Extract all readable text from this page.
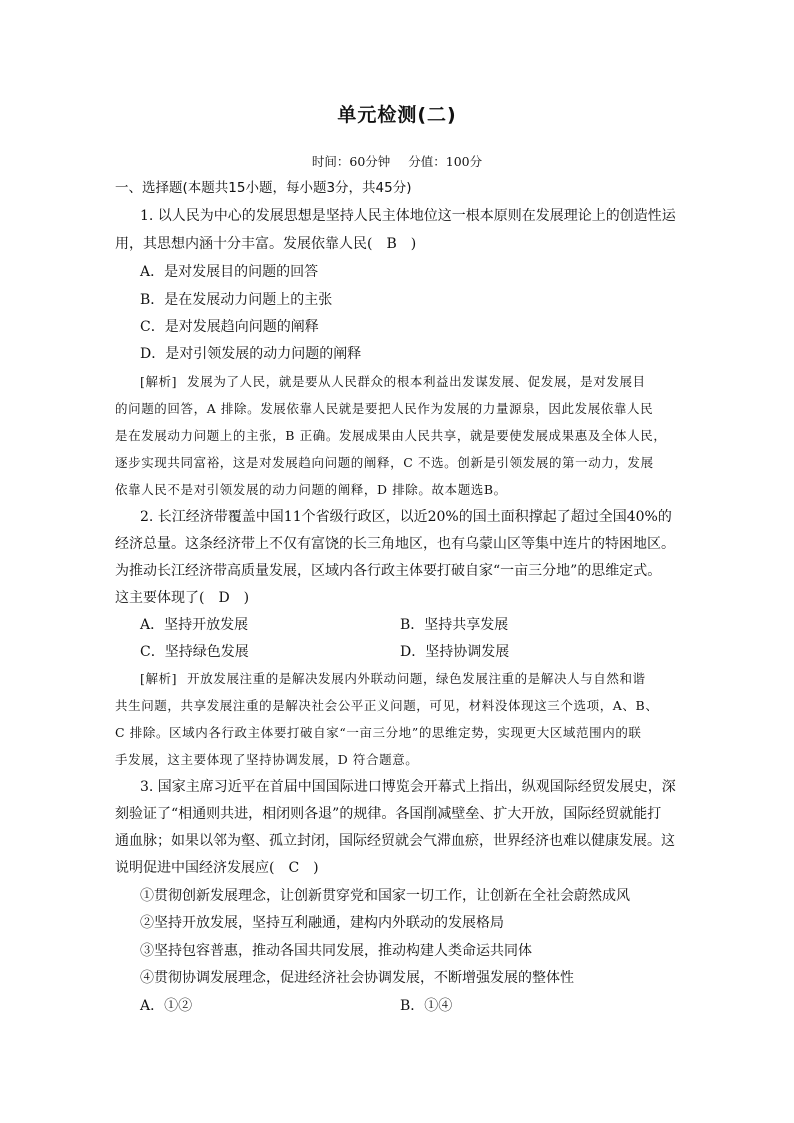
单元检测(二)
时间：60分钟 分值：100分
一、选择题(本题共15小题，每小题3分，共45分)
1. 以人民为中心的发展思想是坚持人民主体地位这一根本原则在发展理论上的创造性运
用，其思想内涵十分丰富。发展依靠人民(　B　)
A．是对发展目的问题的回答
B．是在发展动力问题上的主张
C．是对发展趋向问题的阐释
D．是对引领发展的动力问题的阐释
[解析] 发展为了人民，就是要从人民群众的根本利益出发谋发展、促发展，是对发展目
的问题的回答，A 排除。发展依靠人民就是要把人民作为发展的力量源泉，因此发展依靠人民
是在发展动力问题上的主张，B 正确。发展成果由人民共享，就是要使发展成果惠及全体人民，
逐步实现共同富裕，这是对发展趋向问题的阐释，C 不选。创新是引领发展的第一动力，发展
依靠人民不是对引领发展的动力问题的阐释，D 排除。故本题选B。
2. 长江经济带覆盖中国11个省级行政区，以近20%的国土面积撑起了超过全国40%的
经济总量。这条经济带上不仅有富饶的长三角地区，也有乌蒙山区等集中连片的特困地区。
为推动长江经济带高质量发展，区域内各行政主体要打破自家“一亩三分地”的思维定式。
这主要体现了(　D　)
A．坚持开放发展	B．坚持共享发展
C．坚持绿色发展	D．坚持协调发展
[解析] 开放发展注重的是解决发展内外联动问题，绿色发展注重的是解决人与自然和谐
共生问题，共享发展注重的是解决社会公平正义问题，可见，材料没体现这三个选项，A、B、
C 排除。区域内各行政主体要打破自家“一亩三分地”的思维定势，实现更大区域范围内的联
手发展，这主要体现了坚持协调发展，D 符合题意。
3. 国家主席习近平在首届中国国际进口博览会开幕式上指出，纵观国际经贸发展史，深
刻验证了“相通则共进，相闭则各退”的规律。各国削减壁垒、扩大开放，国际经贸就能打
通血脉；如果以邻为壑、孤立封闭，国际经贸就会气滞血瘀，世界经济也难以健康发展。这
说明促进中国经济发展应(　C　)
①贯彻创新发展理念，让创新贯穿党和国家一切工作，让创新在全社会蔚然成风
②坚持开放发展，坚持互利融通，建构内外联动的发展格局
③坚持包容普惠，推动各国共同发展，推动构建人类命运共同体
④贯彻协调发展理念，促进经济社会协调发展，不断增强发展的整体性
A．①②	B．①④
